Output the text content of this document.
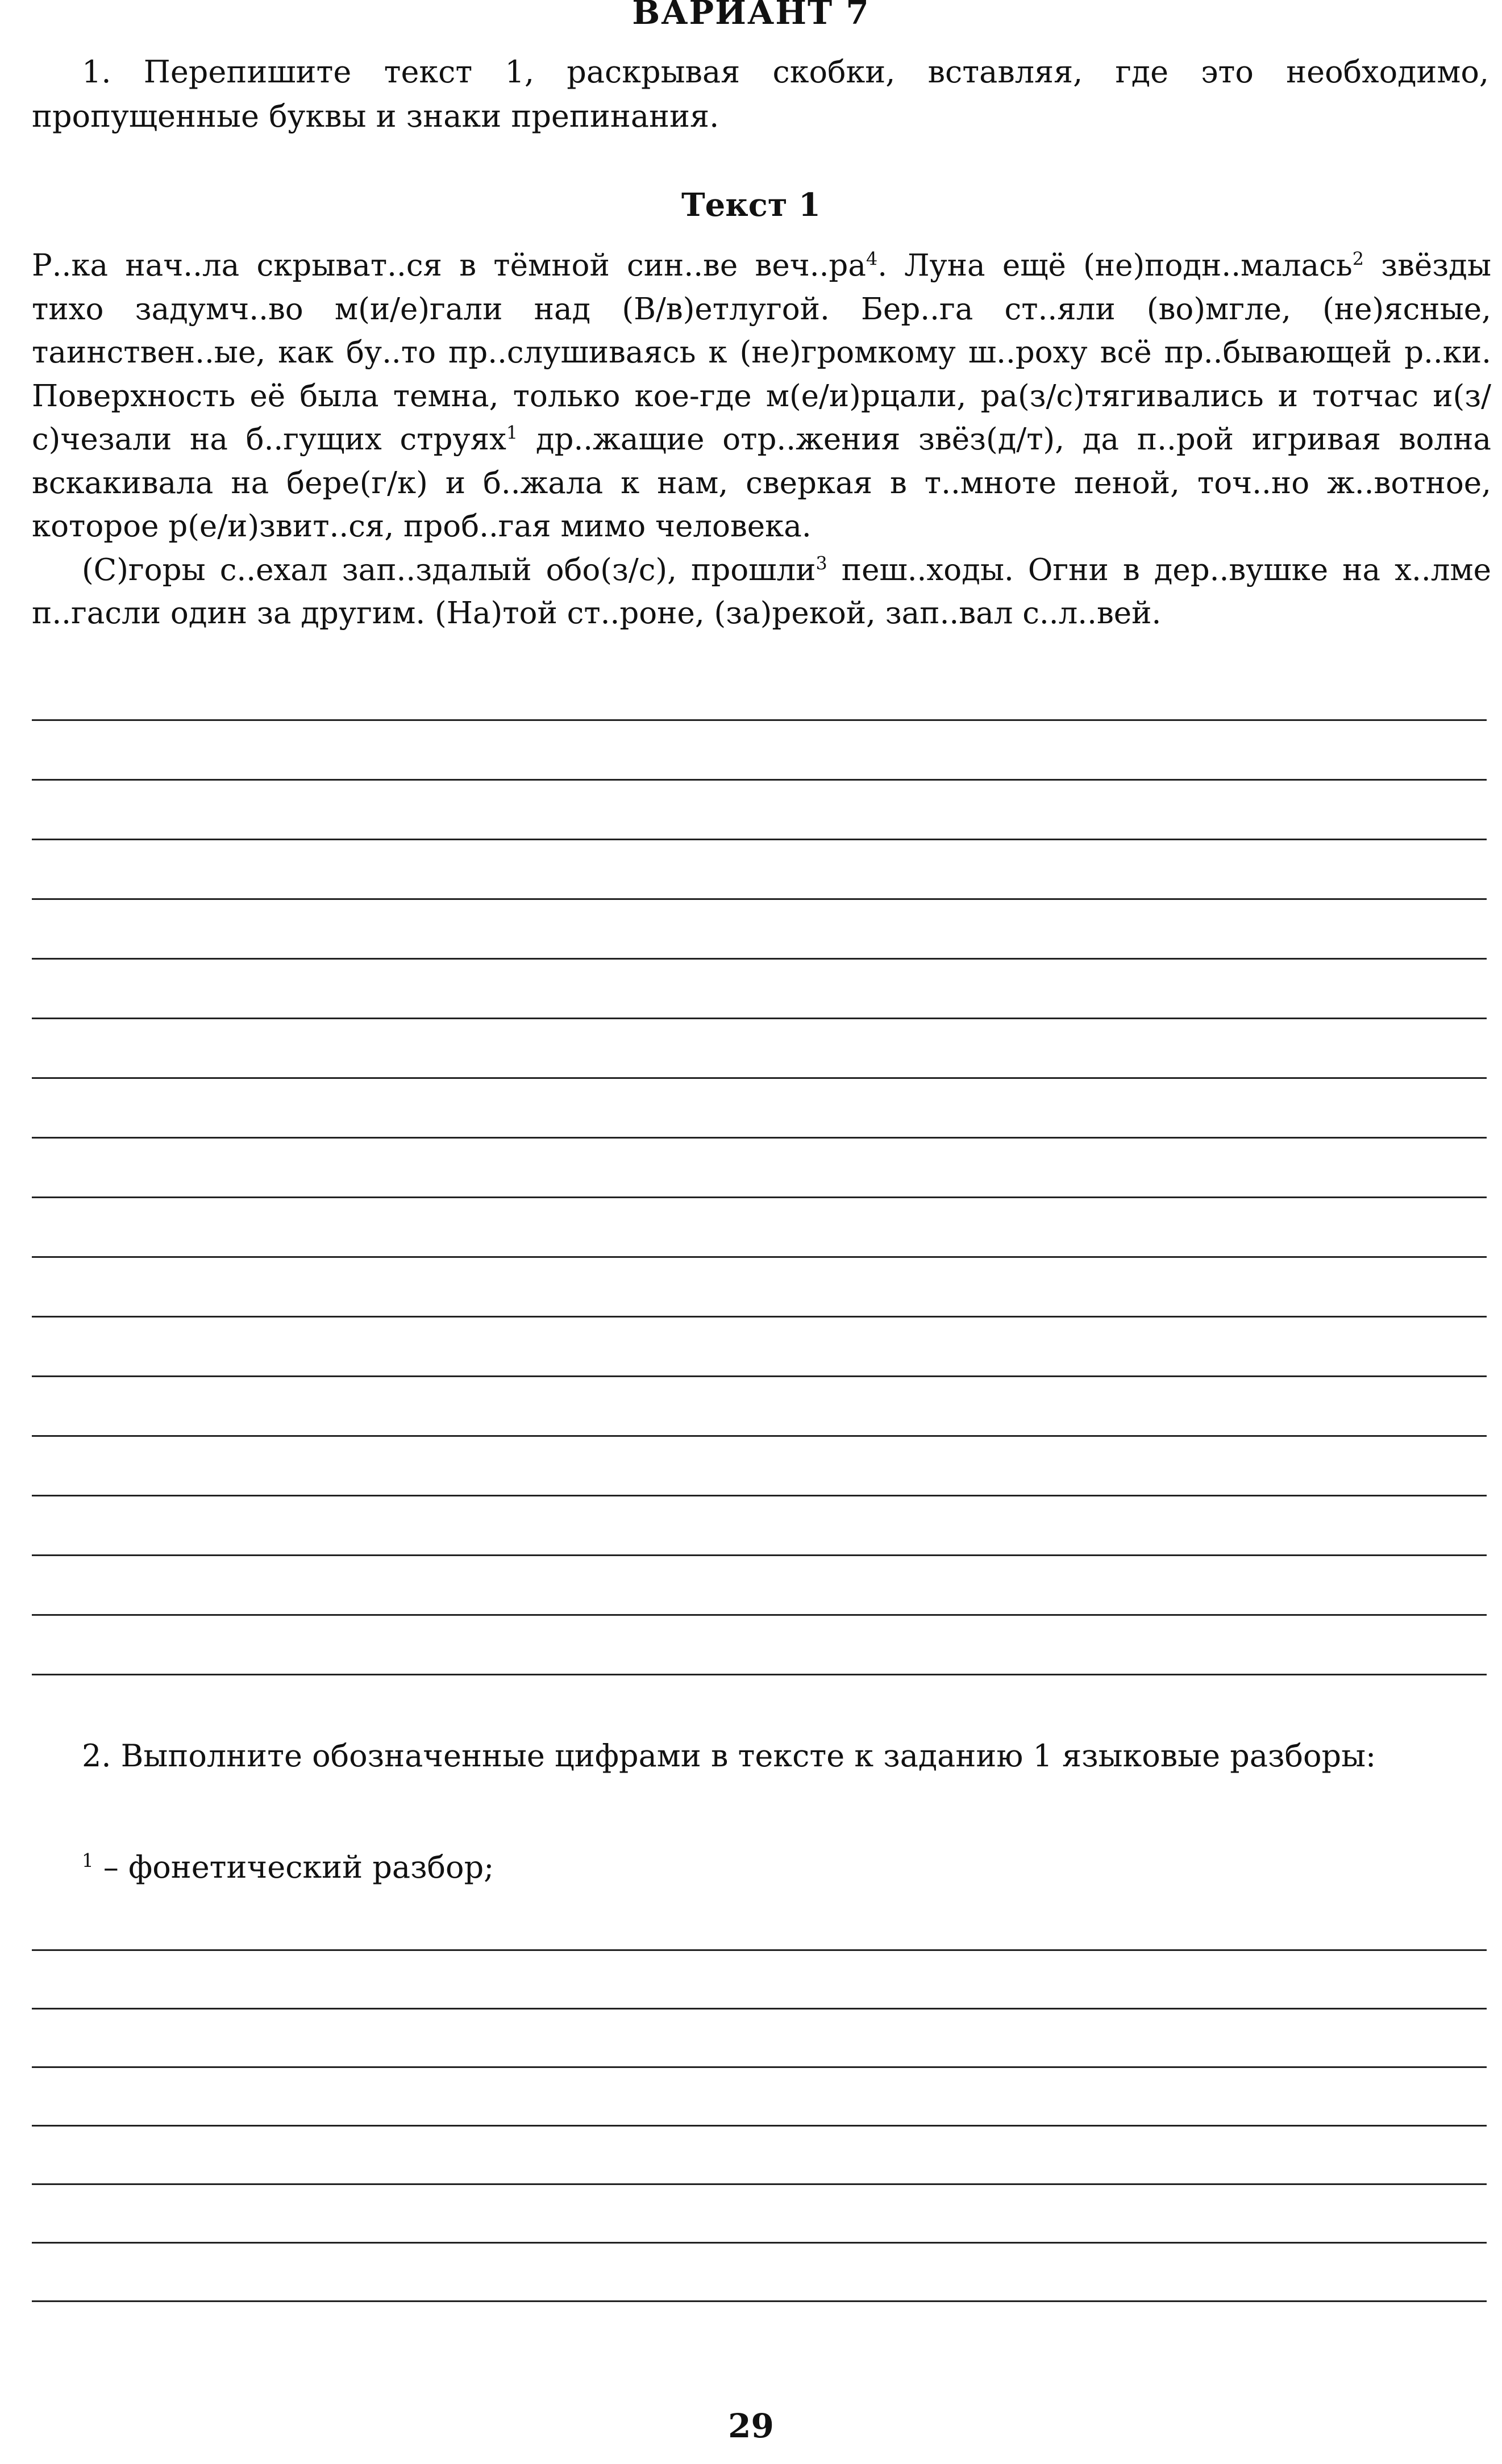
ВАРИАНТ 7
1. Перепишите текст 1, раскрывая скобки, вставляя, где это необходимо, пропущенные буквы и знаки препинания.
Текст 1

Р..ка нач..ла скрыват..ся в тёмной син..ве $веч..ра^4$. Луна ещё (не)подн..малась$^2$ звёзды тихо задумч..во м(и/е)гали над (В/в)етлугой. Бер..га ст..яли (во)мгле, (не)ясные, таинствен..ые, как бу..то пр..слушиваясь к (не)громкому ш..роху всё пр..бывающей р..ки. Поверхность её была темна, только кое-где м(е/и)рцали, ра(з/с)тягивались и тотчас и(з/с)чезали на б..гущих струях$^1$ др..жащие отр..жения звёз(д/т), да п..рой игривая волна вскакивала на бере(г/к) и б..жала к нам, сверкая в т..мноте пеной, точ..но ж..вотное, которое р(е/и)звит..ся, проб..гая мимо человека.

(С)горы с..ехал зап..здалый обо(з/с), прошли$^3$ пеш..ходы. Огни в дер..вушке на х..лме п..гасли один за другим. (На)той ст..роне, (за)рекой, зап..вал с..л..вей.

2. Выполните обозначенные цифрами в тексте к заданию 1 языковые разборы:
$^1$ – фонетический разбор;
29
